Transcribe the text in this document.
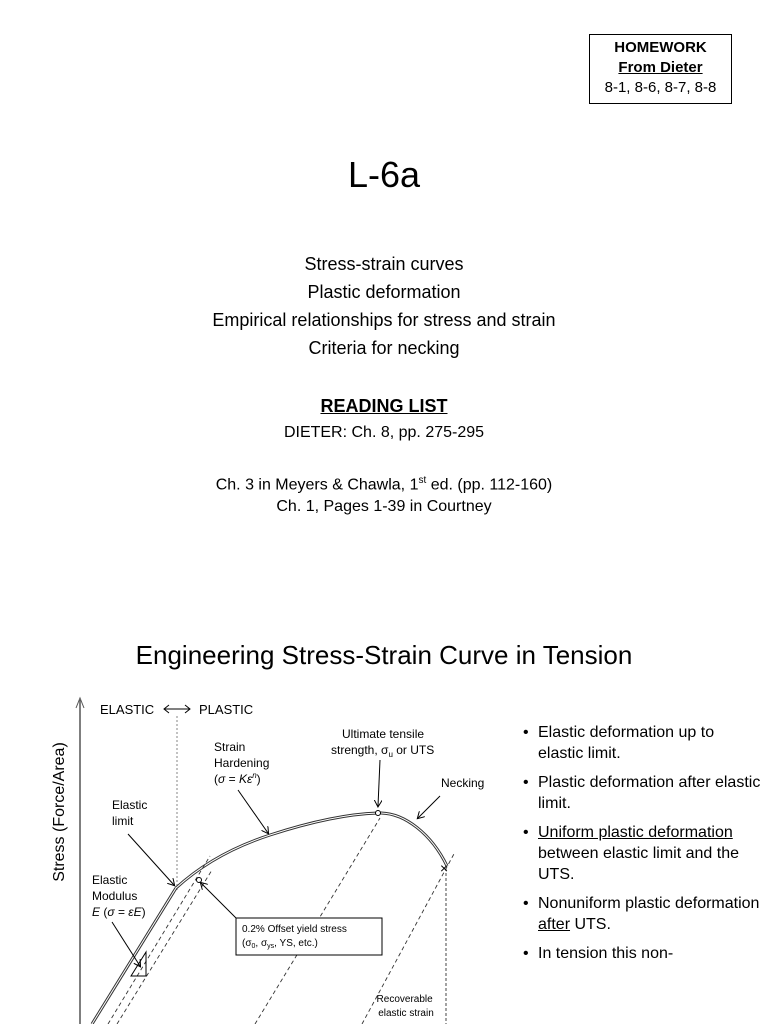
HOMEWORK
From Dieter
8-1, 8-6, 8-7, 8-8
L-6a
Stress-strain curves
Plastic deformation
Empirical relationships for stress and strain
Criteria for necking
READING LIST
DIETER: Ch. 8, pp. 275-295
Ch. 3 in Meyers & Chawla, 1st ed. (pp. 112-160)
Ch. 1, Pages 1-39 in Courtney
Engineering Stress-Strain Curve in Tension
Stress (Force/Area)
ELASTIC	PLASTIC
×
Strain Hardening
$(\sigma = K\varepsilon^n)$
Ultimate tensile
strength, $\sigma_u$ or UTS
Necking
Elastic limit
Elastic Modulus
E (σ = εE)
0.2% Offset yield stress
($\sigma_0$, $\sigma_{ys}$, YS, etc.)
Recoverable elastic strain
• Elastic deformation up to elastic limit.
• Plastic deformation after elastic limit.
• Uniform plastic deformation between elastic limit and the UTS.
• Nonuniform plastic deformation after UTS.
• In tension this non-
